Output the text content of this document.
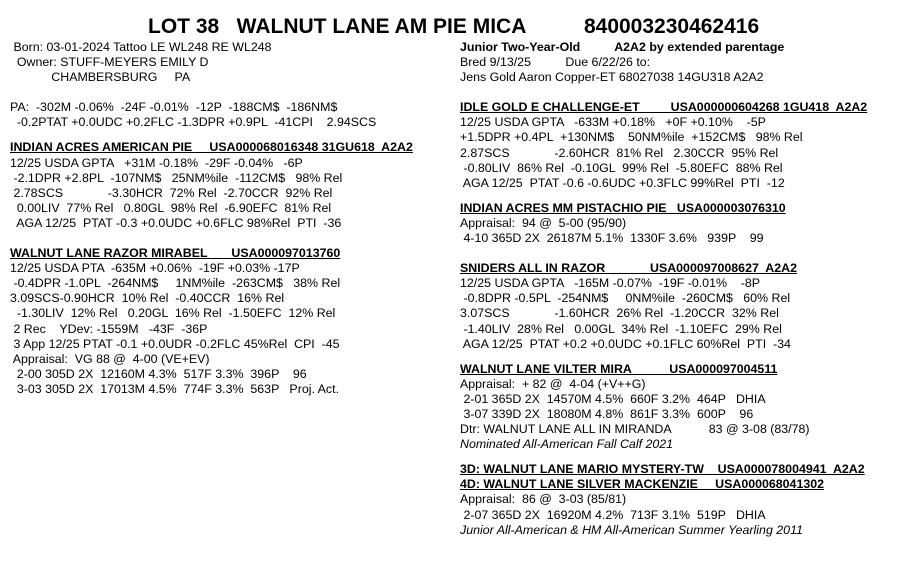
LOT 38   WALNUT LANE AM PIE MICA          840003230462416
Born: 03-01-2024 Tattoo LE WL248 RE WL248
Owner: STUFF-MEYERS EMILY D
CHAMBERSBURG     PA
PA:  -302M -0.06%  -24F -0.01%  -12P  -188CM$  -186NM$
-0.2PTAT +0.0UDC +0.2FLC -1.3DPR +0.9PL  -41CPI    2.94SCS
INDIAN ACRES AMERICAN PIE     USA000068016348 31GU618  A2A2
12/25 USDA GPTA   +31M -0.18%  -29F -0.04%   -6P
-2.1DPR +2.8PL  -107NM$   25NM%ile  -112CM$   98% Rel
2.78SCS             -3.30HCR  72% Rel  -2.70CCR  92% Rel
0.00LIV  77% Rel   0.80GL  98% Rel  -6.90EFC  81% Rel
AGA 12/25  PTAT -0.3 +0.0UDC +0.6FLC 98%Rel  PTI  -36
WALNUT LANE RAZOR MIRABEL       USA000097013760
12/25 USDA PTA  -635M +0.06%  -19F +0.03% -17P
-0.4DPR -1.0PL  -264NM$     1NM%ile  -263CM$   38% Rel
3.09SCS-0.90HCR  10% Rel  -0.40CCR  16% Rel
-1.30LIV  12% Rel   0.20GL  16% Rel  -1.50EFC  12% Rel
2 Rec    YDev: -1559M   -43F  -36P
3 App 12/25 PTAT -0.1 +0.0UDR -0.2FLC 45%Rel  CPI  -45
Appraisal:  VG 88 @  4-00 (VE+EV)
2-00 305D 2X  12160M 4.3%  517F 3.3%  396P    96
3-03 305D 2X  17013M 4.5%  774F 3.3%  563P   Proj. Act.
Junior Two-Year-Old          A2A2 by extended parentage
Bred 9/13/25          Due 6/22/26 to:
Jens Gold Aaron Copper-ET 68027038 14GU318 A2A2
IDLE GOLD E CHALLENGE-ET         USA000000604268 1GU418  A2A2
12/25 USDA GPTA   -633M +0.18%   +0F +0.10%    -5P
+1.5DPR +0.4PL  +130NM$    50NM%ile  +152CM$   98% Rel
2.87SCS             -2.60HCR  81% Rel   2.30CCR  95% Rel
-0.80LIV  86% Rel  -0.10GL  99% Rel  -5.80EFC  88% Rel
AGA 12/25  PTAT -0.6 -0.6UDC +0.3FLC 99%Rel  PTI  -12
INDIAN ACRES MM PISTACHIO PIE   USA000003076310
Appraisal:  94 @  5-00 (95/90)
4-10 365D 2X  26187M 5.1%  1330F 3.6%   939P    99
SNIDERS ALL IN RAZOR             USA000097008627  A2A2
12/25 USDA GPTA   -165M -0.07%  -19F -0.01%    -8P
-0.8DPR -0.5PL  -254NM$     0NM%ile  -260CM$   60% Rel
3.07SCS             -1.60HCR  26% Rel  -1.20CCR  32% Rel
-1.40LIV  28% Rel   0.00GL  34% Rel  -1.10EFC  29% Rel
AGA 12/25  PTAT +0.2 +0.0UDC +0.1FLC 60%Rel  PTI  -34
WALNUT LANE VILTER MIRA           USA000097004511
Appraisal:  + 82 @  4-04 (+V++G)
2-01 365D 2X  14570M 4.5%  660F 3.2%  464P   DHIA
3-07 339D 2X  18080M 4.8%  861F 3.3%  600P    96
Dtr: WALNUT LANE ALL IN MIRANDA           83 @ 3-08 (83/78)
Nominated All-American Fall Calf 2021
3D: WALNUT LANE MARIO MYSTERY-TW    USA000078004941  A2A2
4D: WALNUT LANE SILVER MACKENZIE     USA000068041302
Appraisal:  86 @  3-03 (85/81)
2-07 365D 2X  16920M 4.2%  713F 3.1%  519P   DHIA
Junior All-American & HM All-American Summer Yearling 2011
